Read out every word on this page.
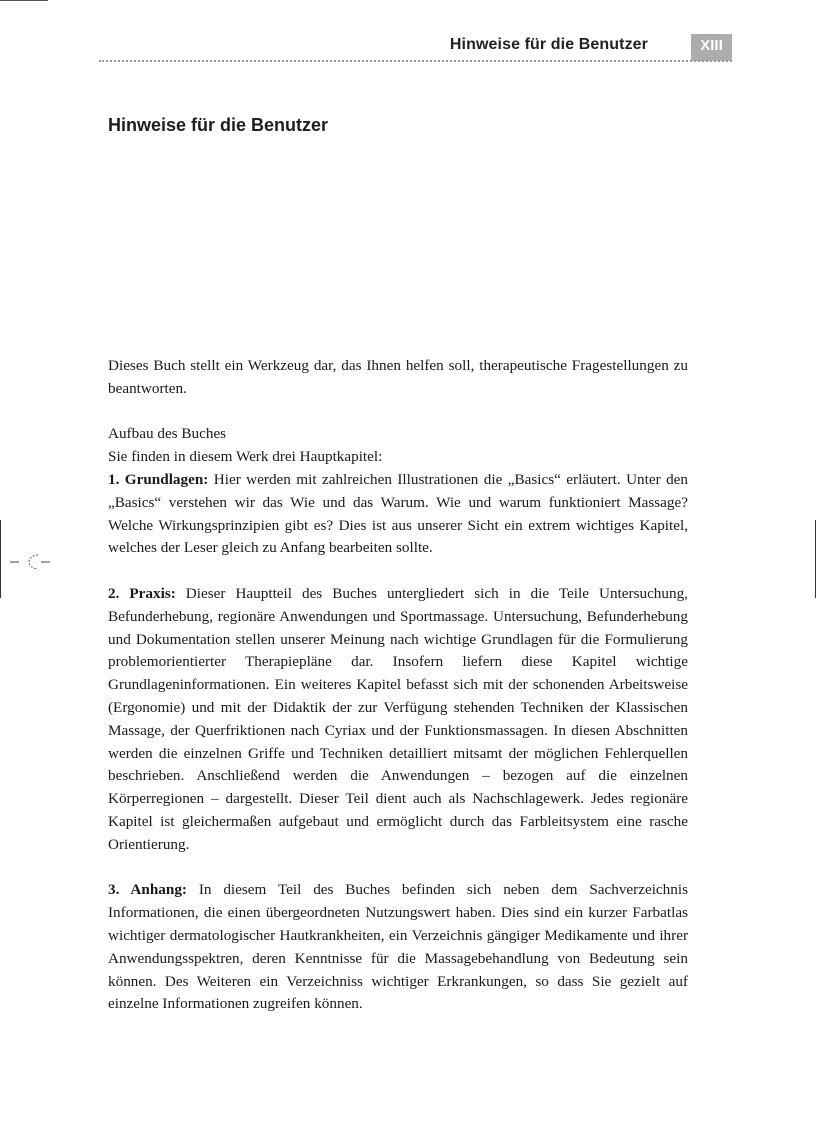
Hinweise für die Benutzer	XIII
Hinweise für die Benutzer

Dieses Buch stellt ein Werkzeug dar, das Ihnen helfen soll, therapeutische Fragestellungen zu beantworten.

Aufbau des Buches

Sie finden in diesem Werk drei Hauptkapitel:

1. Grundlagen: Hier werden mit zahlreichen Illustrationen die „Basics“ erläutert. Unter den „Basics“ verstehen wir das Wie und das Warum. Wie und warum funktioniert Massage? Welche Wirkungsprinzipien gibt es? Dies ist aus unserer Sicht ein extrem wichtiges Kapitel, welches der Leser gleich zu Anfang bearbeiten sollte.

2. Praxis: Dieser Hauptteil des Buches untergliedert sich in die Teile Untersuchung, Befunderhebung, regionäre Anwendungen und Sportmassage. Untersuchung, Befunderhebung und Dokumentation stellen unserer Meinung nach wichtige Grundlagen für die Formulierung problemorientierter Therapiepläne dar. Insofern liefern diese Kapitel wichtige Grundlageninformationen. Ein weiteres Kapitel befasst sich mit der schonenden Arbeitsweise (Ergonomie) und mit der Didaktik der zur Verfügung stehenden Techniken der Klassischen Massage, der Querfriktionen nach Cyriax und der Funktionsmassagen. In diesen Abschnitten werden die einzelnen Griffe und Techniken detailliert mitsamt der möglichen Fehlerquellen beschrieben. Anschließend werden die Anwendungen – bezogen auf die einzelnen Körperregionen – dargestellt. Dieser Teil dient auch als Nachschlagewerk. Jedes regionäre Kapitel ist gleichermaßen aufgebaut und ermöglicht durch das Farbleitsystem eine rasche Orientierung.

3. Anhang: In diesem Teil des Buches befinden sich neben dem Sachverzeichnis Informationen, die einen übergeordneten Nutzungswert haben. Dies sind ein kurzer Farbatlas wichtiger dermatologischer Hautkrankheiten, ein Verzeichnis gängiger Medikamente und ihrer Anwendungsspektren, deren Kenntnisse für die Massagebehandlung von Bedeutung sein können. Des Weiteren ein Verzeichniss wichtiger Erkrankungen, so dass Sie gezielt auf einzelne Informationen zugreifen können.
